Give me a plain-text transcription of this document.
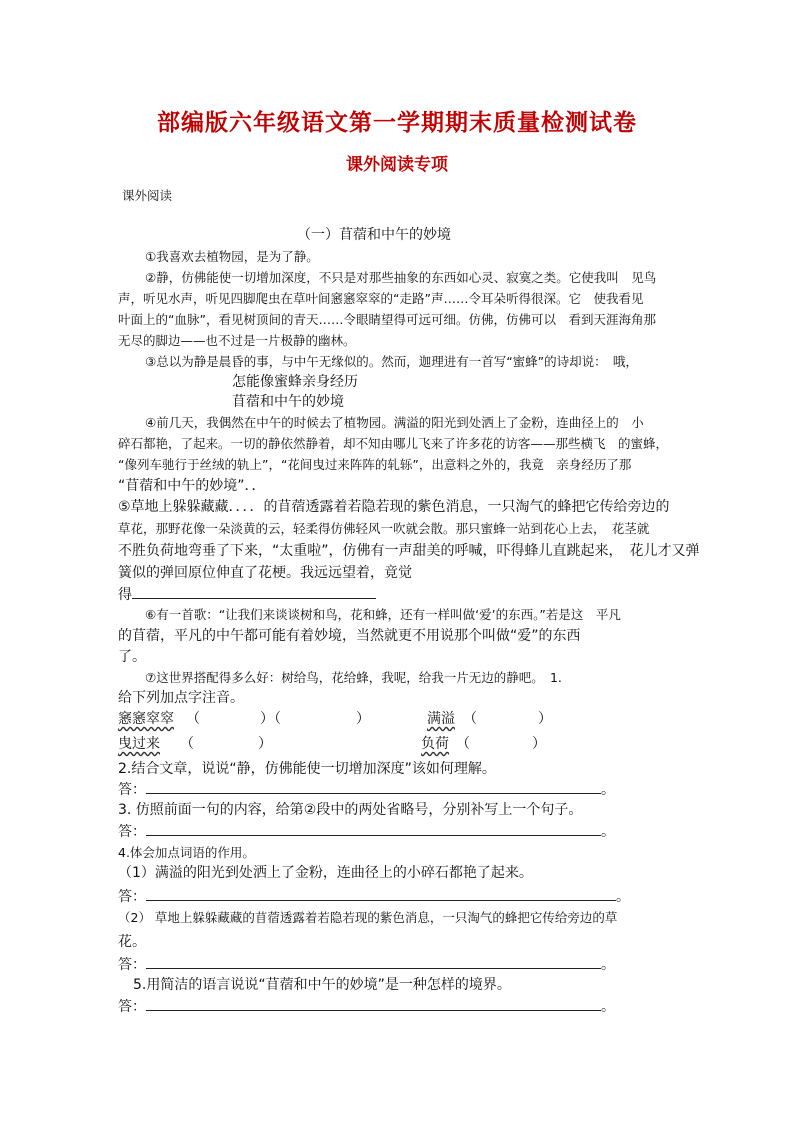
部编版六年级语文第一学期期末质量检测试卷
课外阅读专项
课外阅读
（一）苜蓿和中午的妙境
①我喜欢去植物园，是为了静。
②静，仿佛能使一切增加深度，不只是对那些抽象的东西如心灵、寂寞之类。它使我叫　见鸟
声，听见水声，听见四脚爬虫在草叶间窸窸窣窣的“走路”声……令耳朵听得很深。它　使我看见
叶面上的“血脉”，看见树顶间的青天……令眼睛望得可远可细。仿佛，仿佛可以　看到天涯海角那
无尽的脚边——也不过是一片极静的幽林。
③总以为静是晨昏的事，与中午无缘似的。然而，迦理进有一首写“蜜蜂”的诗却说：　哦，
怎能像蜜蜂亲身经历
苜蓿和中午的妙境
④前几天，我偶然在中午的时候去了植物园。满溢的阳光到处洒上了金粉，连曲径上的　小
碎石都艳，了起来。一切的静依然静着，却不知由哪儿飞来了许多花的访客——那些横飞　的蜜蜂，
“像列车驰行于丝绒的轨上”，“花间曳过来阵阵的轧轹”，出意料之外的，我竟　亲身经历了那
“苜蓿和中午的妙境”．．
⑤草地上躲躲藏藏．．．．的苜蓿透露着若隐若现的紫色消息，一只淘气的蜂把它传给旁边的
草花，那野花像一朵淡黄的云，轻柔得仿佛轻风一吹就会散。那只蜜蜂一站到花心上去，　花茎就
不胜负荷地弯垂了下来，“太重啦”，仿佛有一声甜美的呼喊，吓得蜂儿直跳起来，　花儿才又弹
簧似的弹回原位伸直了花梗。我远远望着，竟觉
得
⑥有一首歌：“让我们来谈谈树和鸟，花和蜂，还有一样叫做‘爱’的东西。”若是这　平凡
的苜蓿，平凡的中午都可能有着妙境，当然就更不用说那个叫做“爱”的东西
了。
⑦这世界搭配得多么好：树给鸟，花给蜂，我呢，给我一片无边的静吧。　1.
给下列加点字注音。
窸窸窣窣 （	）（	）	满溢 （	）
曳过来 （	）	负荷 （	）
2.结合文章，说说“静，仿佛能使一切增加深度”该如何理解。
答：	。
3. 仿照前面一句的内容，给第②段中的两处省略号，分别补写上一个句子。
答：	。
4.体会加点词语的作用。
（1）满溢的阳光到处洒上了金粉，连曲径上的小碎石都艳了起来。
答：	。
（2） 草地上躲躲藏藏的苜蓿透露着若隐若现的紫色消息，一只淘气的蜂把它传给旁边的草
花。
答：	。
5.用简洁的语言说说“苜蓿和中午的妙境”是一种怎样的境界。
答：	。
